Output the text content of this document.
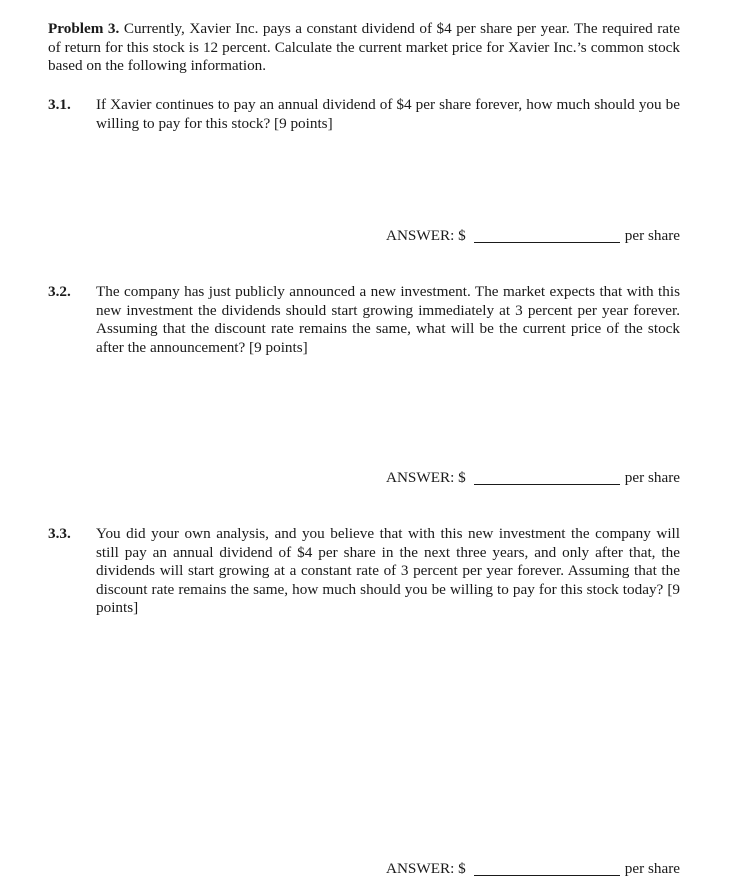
Problem 3. Currently, Xavier Inc. pays a constant dividend of $4 per share per year. The required rate of return for this stock is 12 percent. Calculate the current market price for Xavier Inc.’s common stock based on the following information.
3.1. If Xavier continues to pay an annual dividend of $4 per share forever, how much should you be willing to pay for this stock? [9 points]
ANSWER: $	per share
3.2. The company has just publicly announced a new investment. The market expects that with this new investment the dividends should start growing immediately at 3 percent per year forever. Assuming that the discount rate remains the same, what will be the current price of the stock after the announcement? [9 points]
ANSWER: $	per share
3.3. You did your own analysis, and you believe that with this new investment the company will still pay an annual dividend of $4 per share in the next three years, and only after that, the dividends will start growing at a constant rate of 3 percent per year forever. Assuming that the discount rate remains the same, how much should you be willing to pay for this stock today? [9 points]
ANSWER: $	per share
